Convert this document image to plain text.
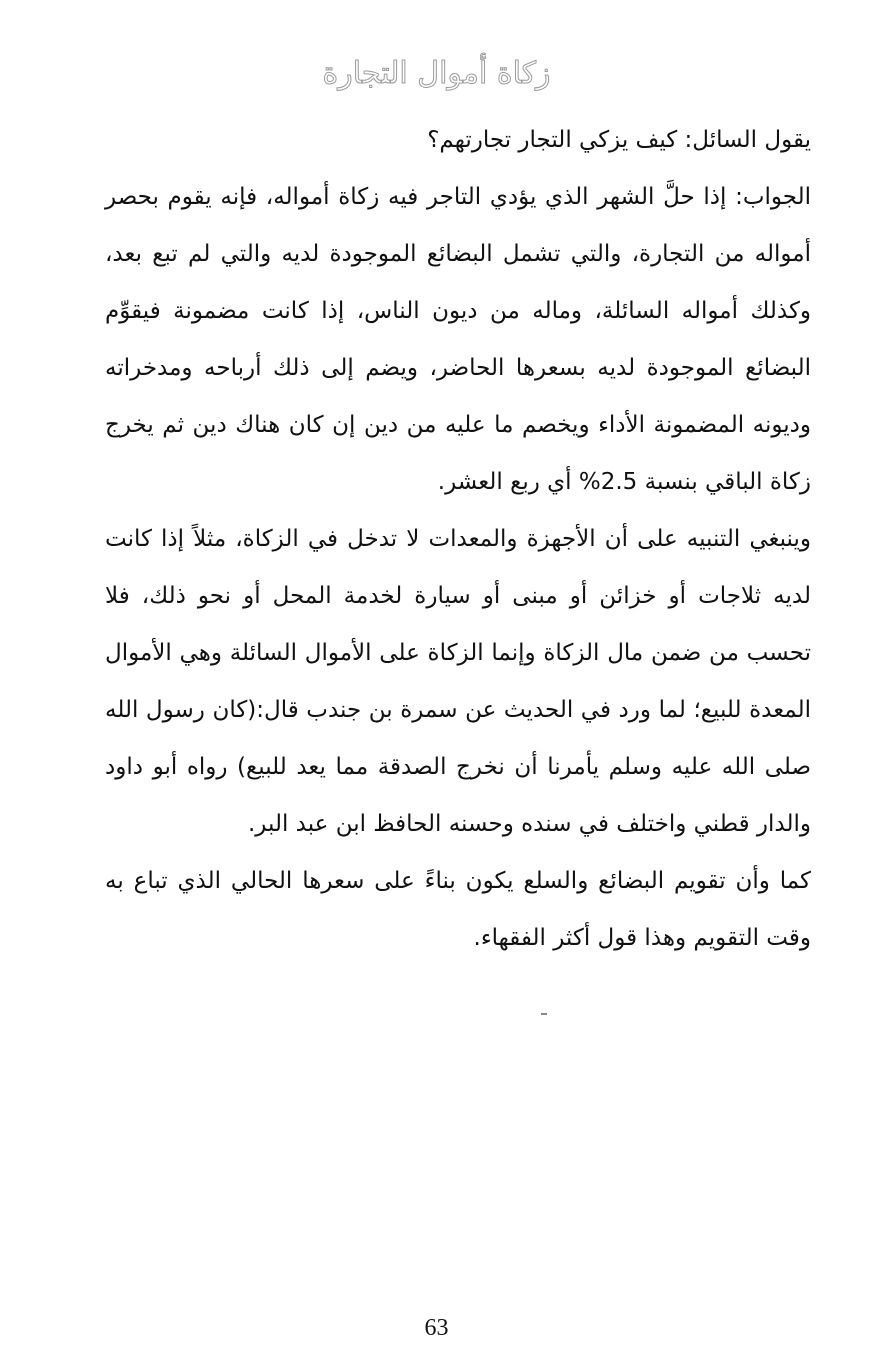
زكاة أموال التجارة

يقول السائل: كيف يزكي التجار تجارتهم؟

الجواب: إذا حلَّ الشهر الذي يؤدي التاجر فيه زكاة أمواله، فإنه يقوم بحصر أمواله من التجارة، والتي تشمل البضائع الموجودة لديه والتي لم تبع بعد، وكذلك أمواله السائلة، وماله من ديون الناس، إذا كانت مضمونة فيقوِّم البضائع الموجودة لديه بسعرها الحاضر، ويضم إلى ذلك أرباحه ومدخراته وديونه المضمونة الأداء ويخصم ما عليه من دين إن كان هناك دين ثم يخرج زكاة الباقي بنسبة 2.5% أي ربع العشر.

وينبغي التنبيه على أن الأجهزة والمعدات لا تدخل في الزكاة، مثلاً إذا كانت لديه ثلاجات أو خزائن أو مبنى أو سيارة لخدمة المحل أو نحو ذلك، فلا تحسب من ضمن مال الزكاة وإنما الزكاة على الأموال السائلة وهي الأموال المعدة للبيع؛ لما ورد في الحديث عن سمرة بن جندب قال:(كان رسول الله صلى الله عليه وسلم يأمرنا أن نخرج الصدقة مما يعد للبيع) رواه أبو داود والدار قطني واختلف في سنده وحسنه الحافظ ابن عبد البر.

كما وأن تقويم البضائع والسلع يكون بناءً على سعرها الحالي الذي تباع به وقت التقويم وهذا قول أكثر الفقهاء.

63
